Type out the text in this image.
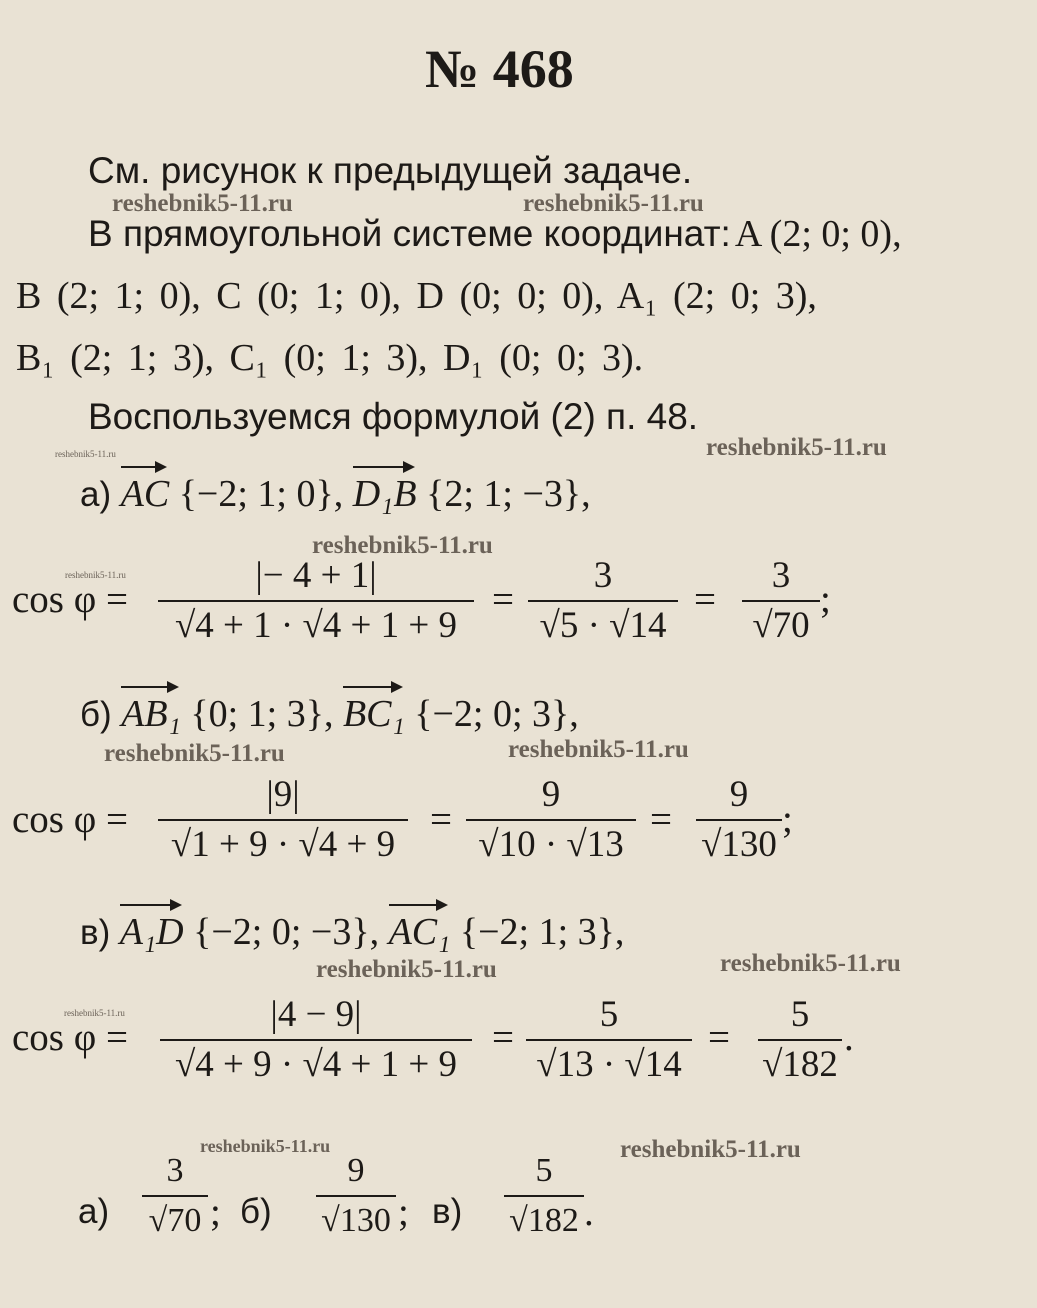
№ 468
См. рисунок к предыдущей задаче.
reshebnik5-11.ru	reshebnik5-11.ru
В прямоугольной системе координат: A (2; 0; 0),
B (2; 1; 0), C (0; 1; 0), D (0; 0; 0), A₁ (2; 0; 3),
B₁ (2; 1; 3), C₁ (0; 1; 3), D₁ (0; 0; 3).
Воспользуемся формулой (2) п. 48.
reshebnik5-11.ru	reshebnik5-11.ru
а) AC {−2; 1; 0}, D₁B {2; 1; −3},
reshebnik5-11.ru
reshebnik5-11.ru
cos φ =
|− 4 + 1|
√4 + 1 · √4 + 1 + 9
=
3
√5 · √14
=
3
√70
;
б) AB₁ {0; 1; 3}, BC₁ {−2; 0; 3},
reshebnik5-11.ru	reshebnik5-11.ru
cos φ =
|9|
√1 + 9 · √4 + 9
=
9
√10 · √13
=
9
√130
;
в) A₁D {−2; 0; −3}, AC₁ {−2; 1; 3},
reshebnik5-11.ru	reshebnik5-11.ru
reshebnik5-11.ru
cos φ =
|4 − 9|
√4 + 9 · √4 + 1 + 9
=
5
√13 · √14
=
5
√182
.
reshebnik5-11.ru	reshebnik5-11.ru
а)
3
√70 ; б)
9
√130 ; в)
5
√182 .
